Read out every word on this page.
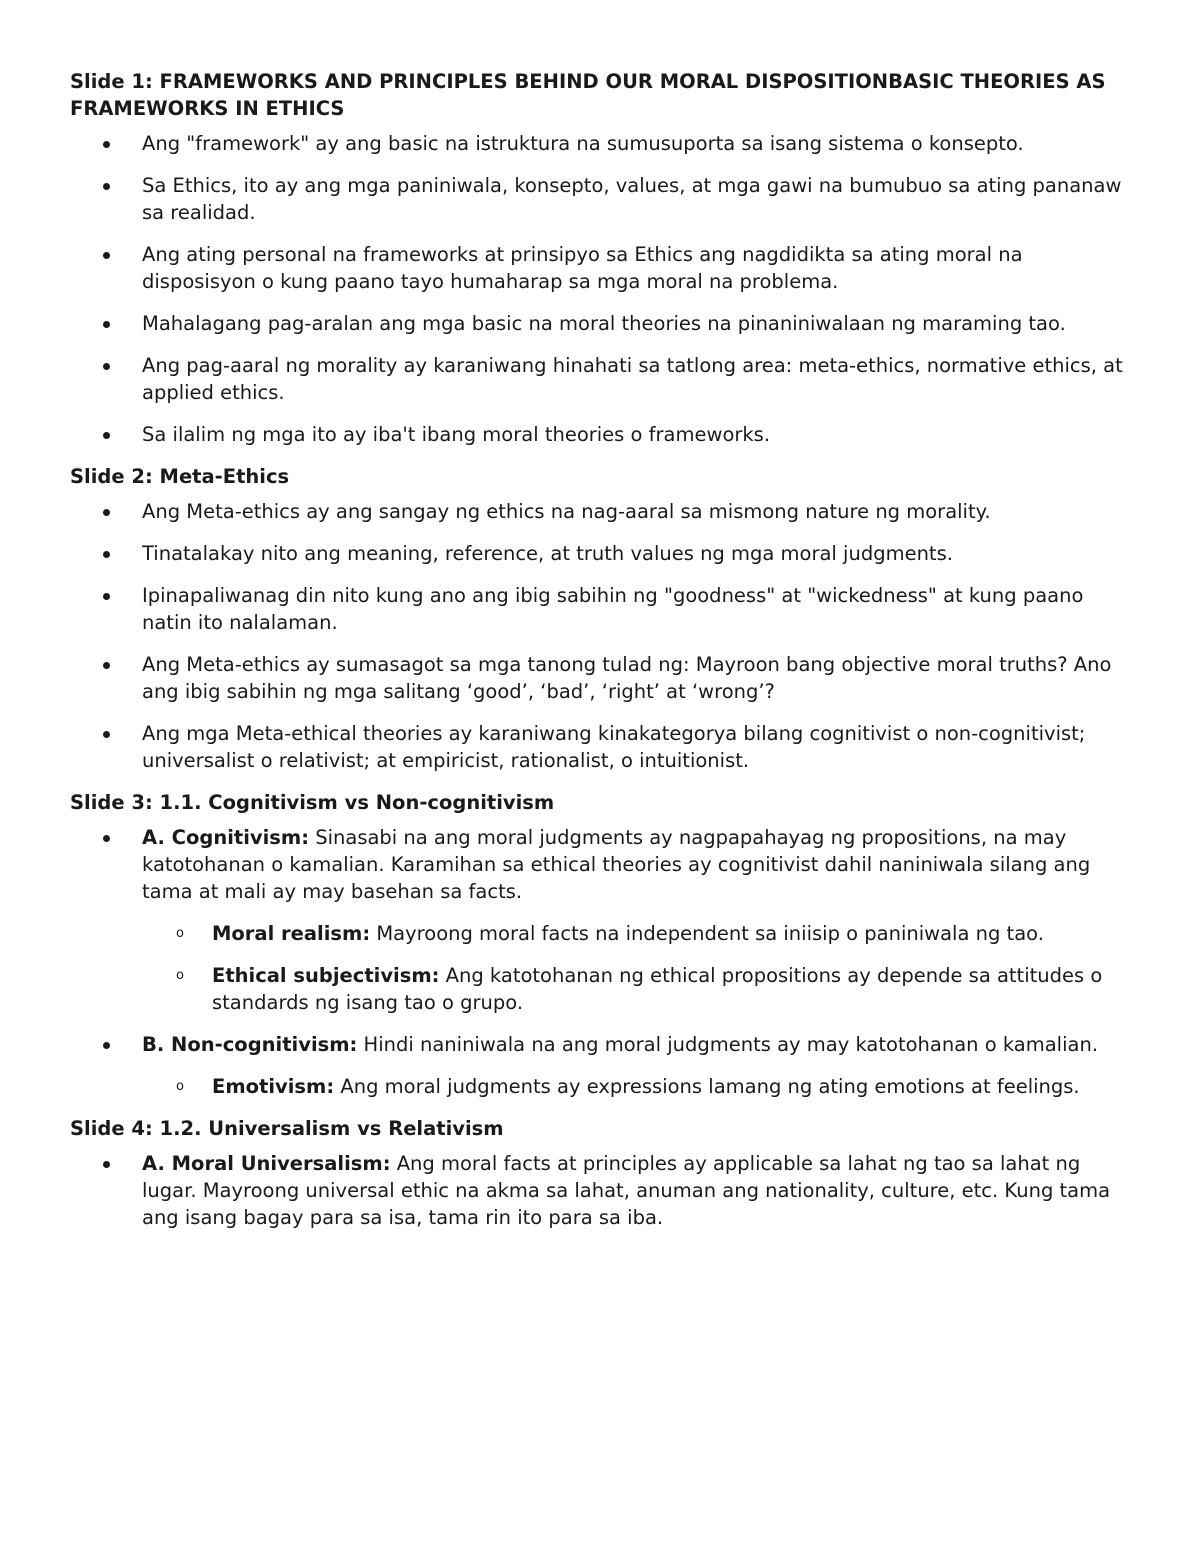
Slide 1: FRAMEWORKS AND PRINCIPLES BEHIND OUR MORAL DISPOSITIONBASIC THEORIES AS FRAMEWORKS IN ETHICS
Ang "framework" ay ang basic na istruktura na sumusuporta sa isang sistema o konsepto.
Sa Ethics, ito ay ang mga paniniwala, konsepto, values, at mga gawi na bumubuo sa ating pananaw sa realidad.
Ang ating personal na frameworks at prinsipyo sa Ethics ang nagdidikta sa ating moral na disposisyon o kung paano tayo humaharap sa mga moral na problema.
Mahalagang pag-aralan ang mga basic na moral theories na pinaniniwalaan ng maraming tao.
Ang pag-aaral ng morality ay karaniwang hinahati sa tatlong area: meta-ethics, normative ethics, at applied ethics.
Sa ilalim ng mga ito ay iba't ibang moral theories o frameworks.
Slide 2: Meta-Ethics
Ang Meta-ethics ay ang sangay ng ethics na nag-aaral sa mismong nature ng morality.
Tinatalakay nito ang meaning, reference, at truth values ng mga moral judgments.
Ipinapaliwanag din nito kung ano ang ibig sabihin ng "goodness" at "wickedness" at kung paano natin ito nalalaman.
Ang Meta-ethics ay sumasagot sa mga tanong tulad ng: Mayroon bang objective moral truths? Ano ang ibig sabihin ng mga salitang ‘good’, ‘bad’, ‘right’ at ‘wrong’?
Ang mga Meta-ethical theories ay karaniwang kinakategorya bilang cognitivist o non-cognitivist; universalist o relativist; at empiricist, rationalist, o intuitionist.
Slide 3: 1.1. Cognitivism vs Non-cognitivism
A. Cognitivism: Sinasabi na ang moral judgments ay nagpapahayag ng propositions, na may katotohanan o kamalian. Karamihan sa ethical theories ay cognitivist dahil naniniwala silang ang tama at mali ay may basehan sa facts.
o Moral realism: Mayroong moral facts na independent sa iniisip o paniniwala ng tao.
o Ethical subjectivism: Ang katotohanan ng ethical propositions ay depende sa attitudes o standards ng isang tao o grupo.
B. Non-cognitivism: Hindi naniniwala na ang moral judgments ay may katotohanan o kamalian.
o Emotivism: Ang moral judgments ay expressions lamang ng ating emotions at feelings.
Slide 4: 1.2. Universalism vs Relativism
A. Moral Universalism: Ang moral facts at principles ay applicable sa lahat ng tao sa lahat ng lugar. Mayroong universal ethic na akma sa lahat, anuman ang nationality, culture, etc. Kung tama ang isang bagay para sa isa, tama rin ito para sa iba.
